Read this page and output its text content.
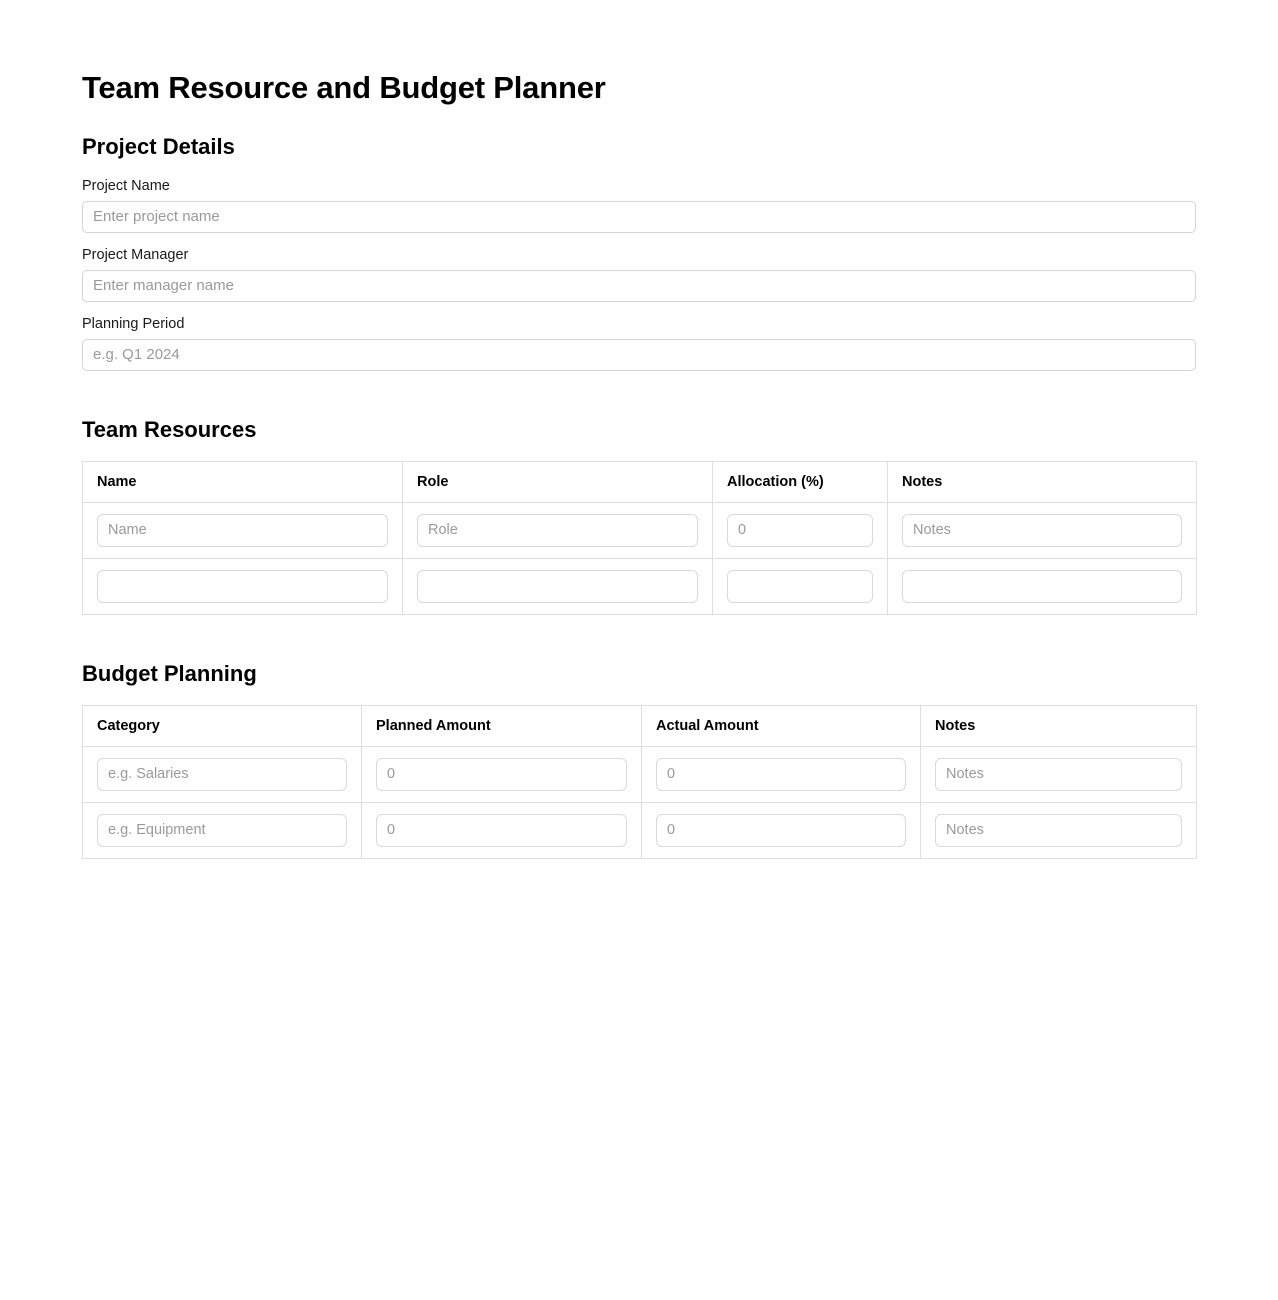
Team Resource and Budget Planner
Project Details
Project Name
Enter project name
Project Manager
Enter manager name
Planning Period
e.g. Q1 2024
Team Resources
Name	Role	Allocation (%)	Notes
Name	Role	0	Notes

Budget Planning
Category	Planned Amount	Actual Amount	Notes
e.g. Salaries	0	0	Notes
e.g. Equipment	0	0	Notes
